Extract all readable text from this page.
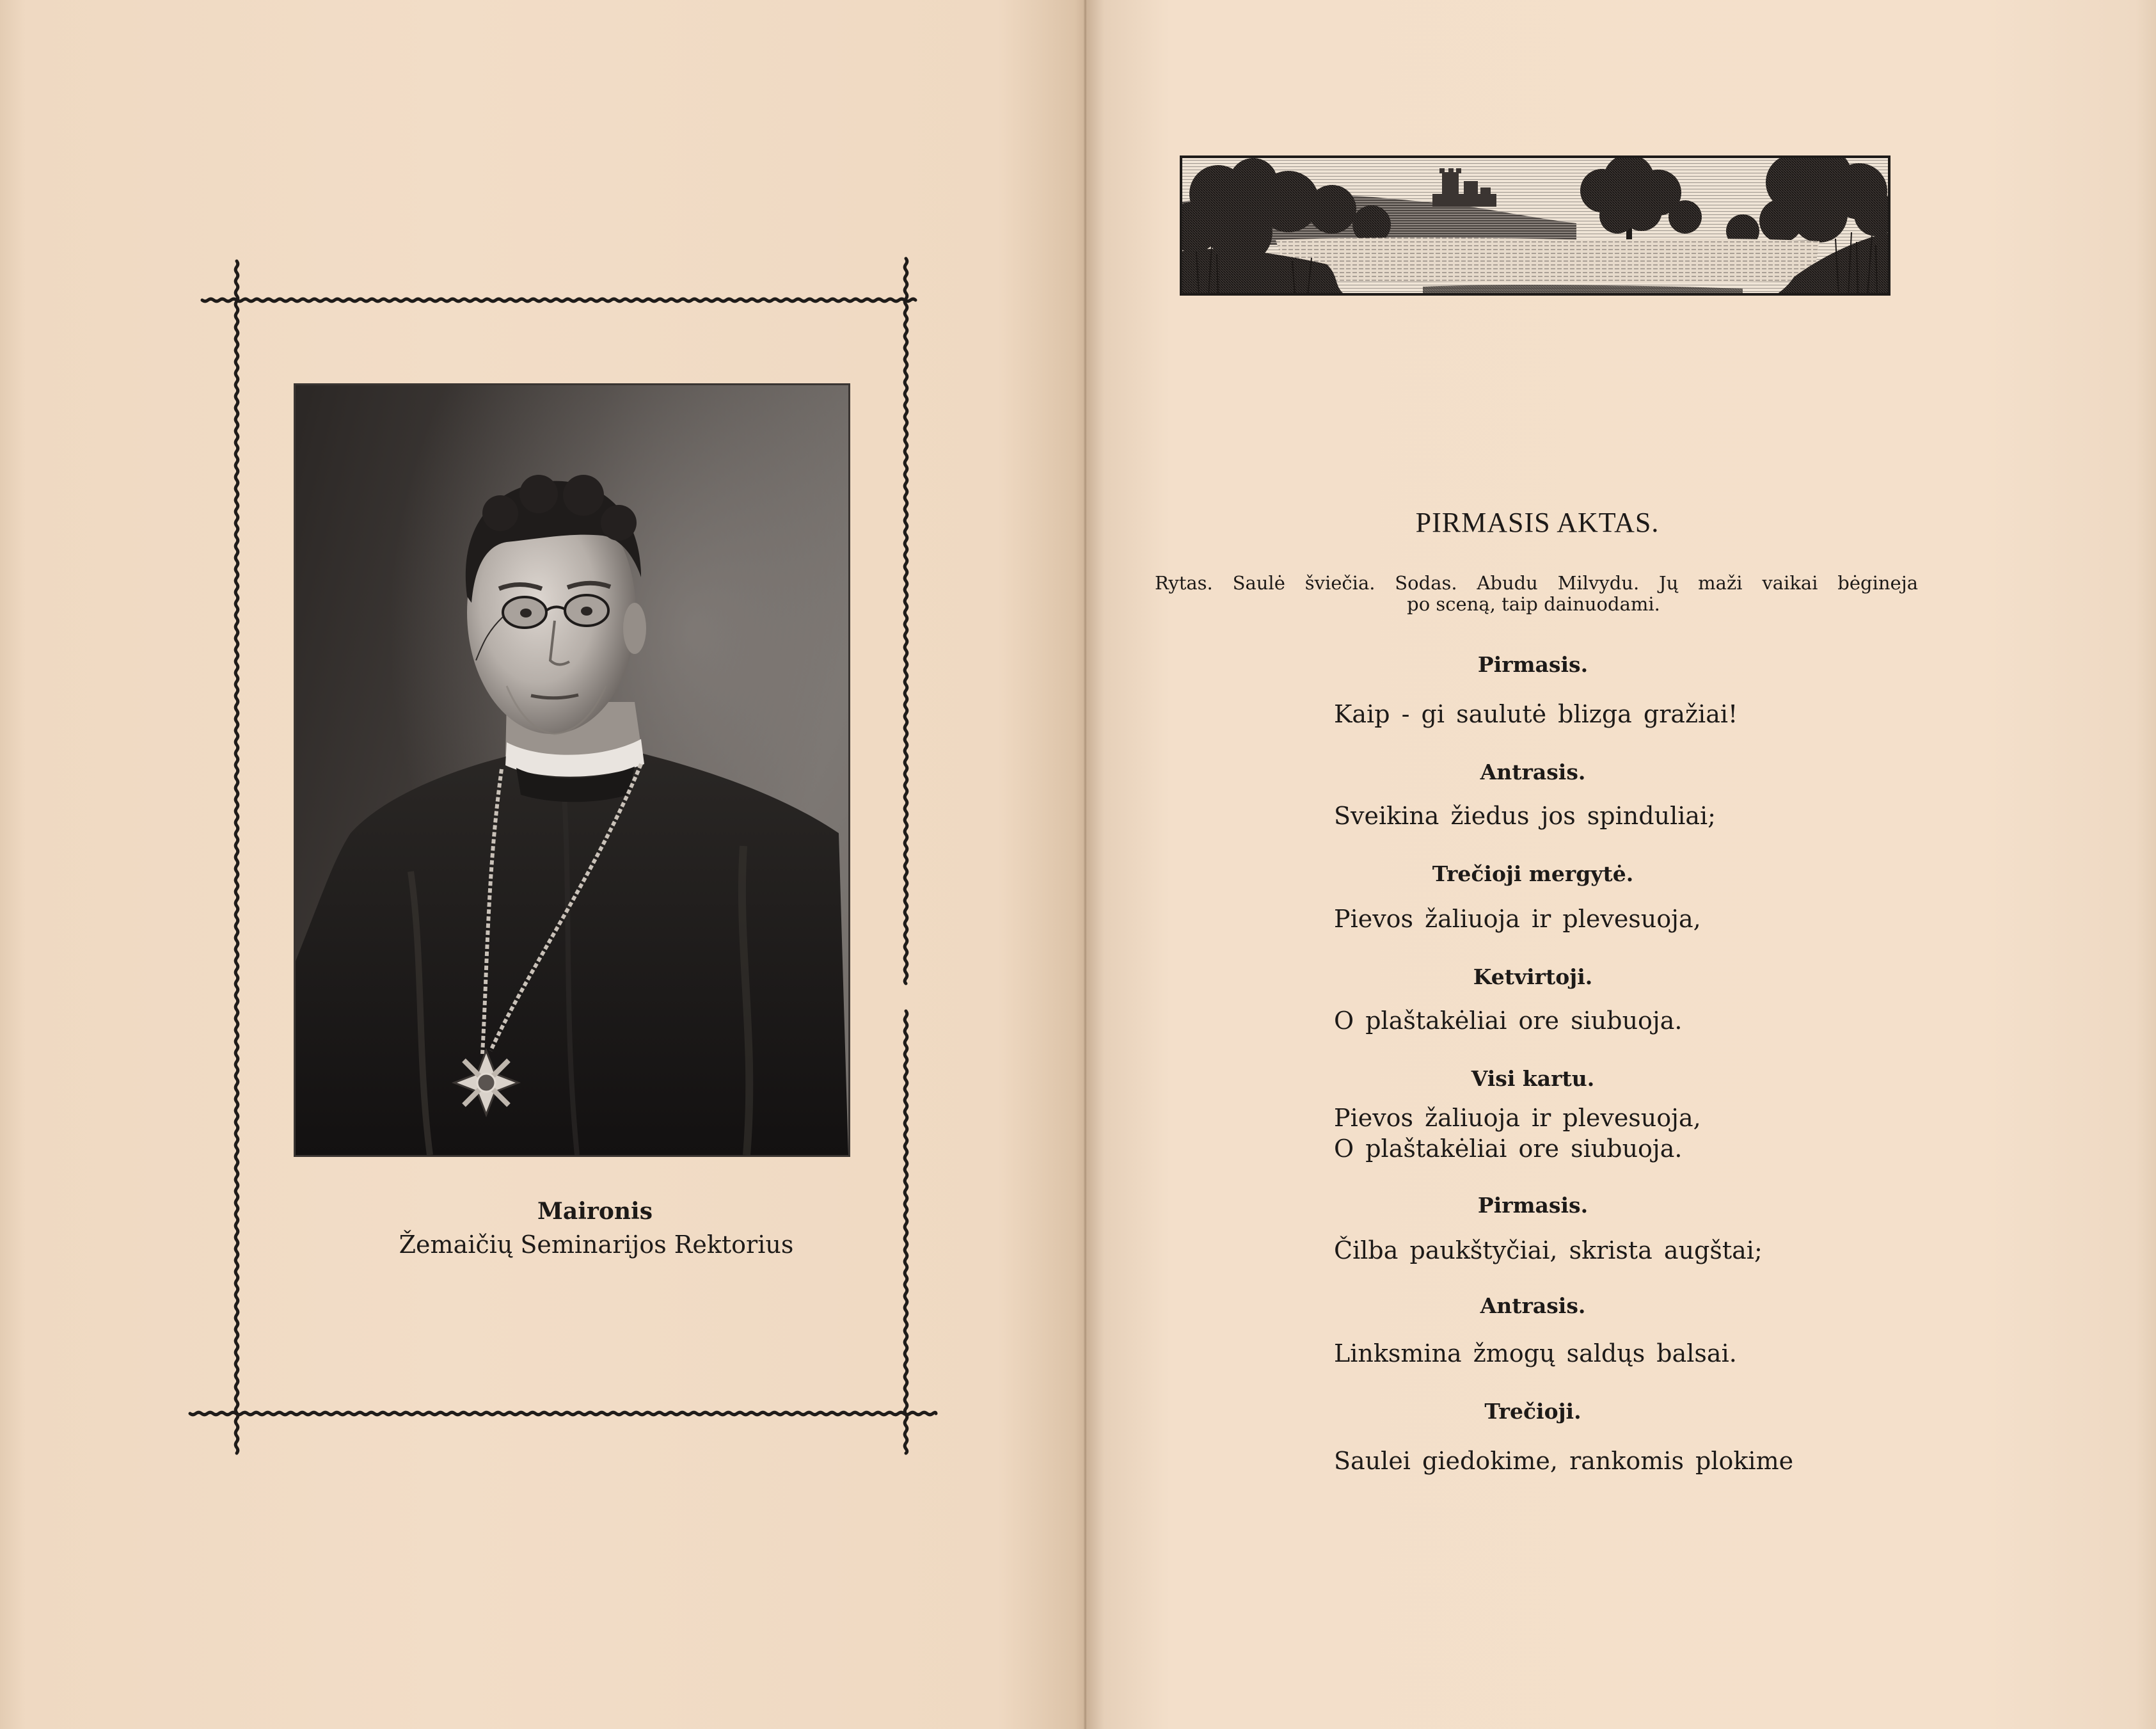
Maironis
Žemaičių Seminarijos Rektorius
PIRMASIS AKTAS.
Rytas. Saulė šviečia. Sodas. Abudu Milvydu. Jų maži vaikai bėgineja
po sceną, taip dainuodami.
Pirmasis.
Kaip - gi saulutė blizga gražiai!
Antrasis.
Sveikina žiedus jos spinduliai;
Trečioji mergytė.
Pievos žaliuoja ir plevesuoja,
Ketvirtoji.
O plaštakėliai ore siubuoja.
Visi kartu.
Pievos žaliuoja ir plevesuoja,
O plaštakėliai ore siubuoja.
Pirmasis.
Čilba paukštyčiai, skrista augštai;
Antrasis.
Linksmina žmogų saldųs balsai.
Trečioji.
Saulei giedokime, rankomis plokime
